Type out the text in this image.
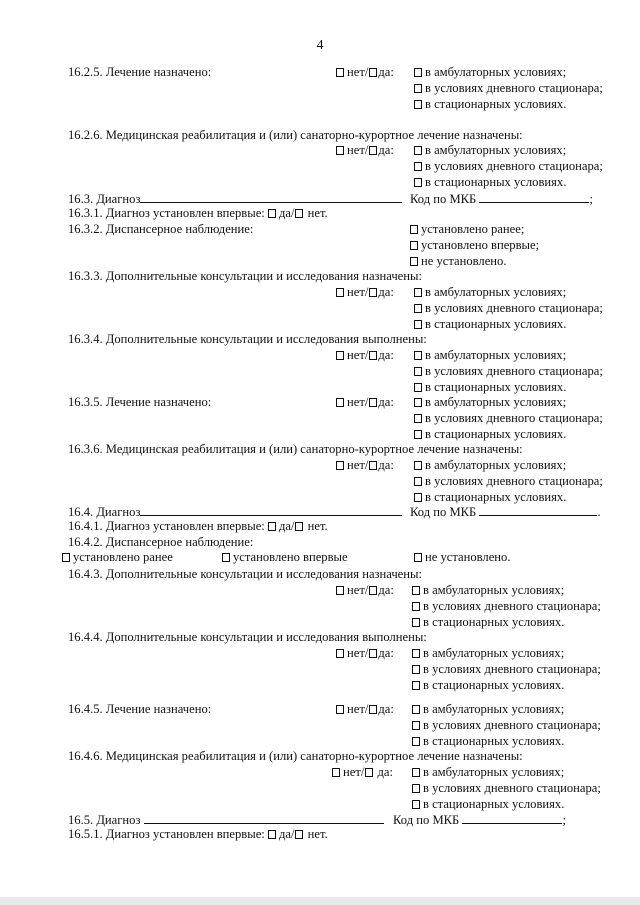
4
16.2.5. Лечение назначено:	нет/ да:	в амбулаторных условиях;
в условиях дневного стационара;
в стационарных условиях.
16.2.6. Медицинская реабилитация и (или) санаторно-курортное лечение назначены:
нет/ да:	в амбулаторных условиях;
в условиях дневного стационара;
в стационарных условиях.
16.3. Диагноз	Код по МКБ	;
16.3.1. Диагноз установлен впервые: да/ нет.
16.3.2. Диспансерное наблюдение:	установлено ранее;
установлено впервые;
не установлено.
16.3.3. Дополнительные консультации и исследования назначены:
нет/ да:	в амбулаторных условиях;
в условиях дневного стационара;
в стационарных условиях.
16.3.4. Дополнительные консультации и исследования выполнены:
нет/ да:	в амбулаторных условиях;
в условиях дневного стационара;
в стационарных условиях.
16.3.5. Лечение назначено:	нет/ да:	в амбулаторных условиях;
в условиях дневного стационара;
в стационарных условиях.
16.3.6. Медицинская реабилитация и (или) санаторно-курортное лечение назначены:
нет/ да:	в амбулаторных условиях;
в условиях дневного стационара;
в стационарных условиях.
16.4. Диагноз	Код по МКБ	.
16.4.1. Диагноз установлен впервые: да/ нет.
16.4.2. Диспансерное наблюдение:
установлено ранее	установлено впервые	не установлено.
16.4.3. Дополнительные консультации и исследования назначены:
нет/ да:	в амбулаторных условиях;
в условиях дневного стационара;
в стационарных условиях.
16.4.4. Дополнительные консультации и исследования выполнены:
нет/ да:	в амбулаторных условиях;
в условиях дневного стационара;
в стационарных условиях.
16.4.5. Лечение назначено:	нет/ да:	в амбулаторных условиях;
в условиях дневного стационара;
в стационарных условиях.
16.4.6. Медицинская реабилитация и (или) санаторно-курортное лечение назначены:
нет/ да:	в амбулаторных условиях;
в условиях дневного стационара;
в стационарных условиях.
16.5. Диагноз	Код по МКБ	;
16.5.1. Диагноз установлен впервые: да/ нет.
